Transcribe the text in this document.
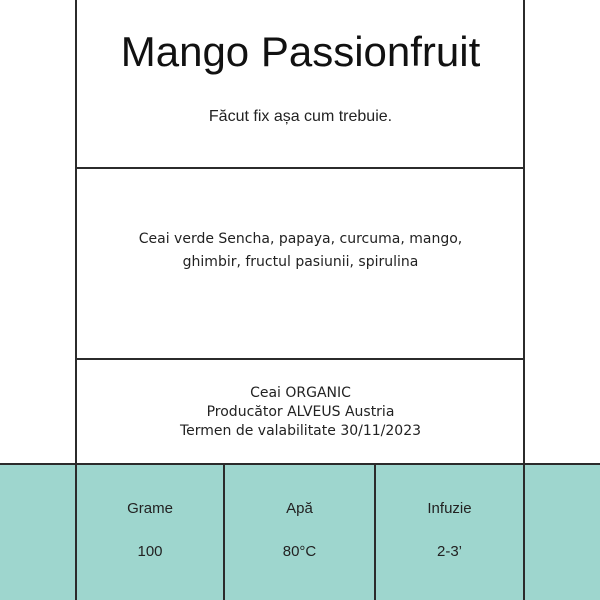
Mango Passionfruit
Făcut fix așa cum trebuie.
Ceai verde Sencha, papaya, curcuma, mango,
ghimbir, fructul pasiunii, spirulina
Ceai ORGANIC
Producător ALVEUS Austria
Termen de valabilitate 30/11/2023
Grame
100
Apă
80°C
Infuzie
2-3’
